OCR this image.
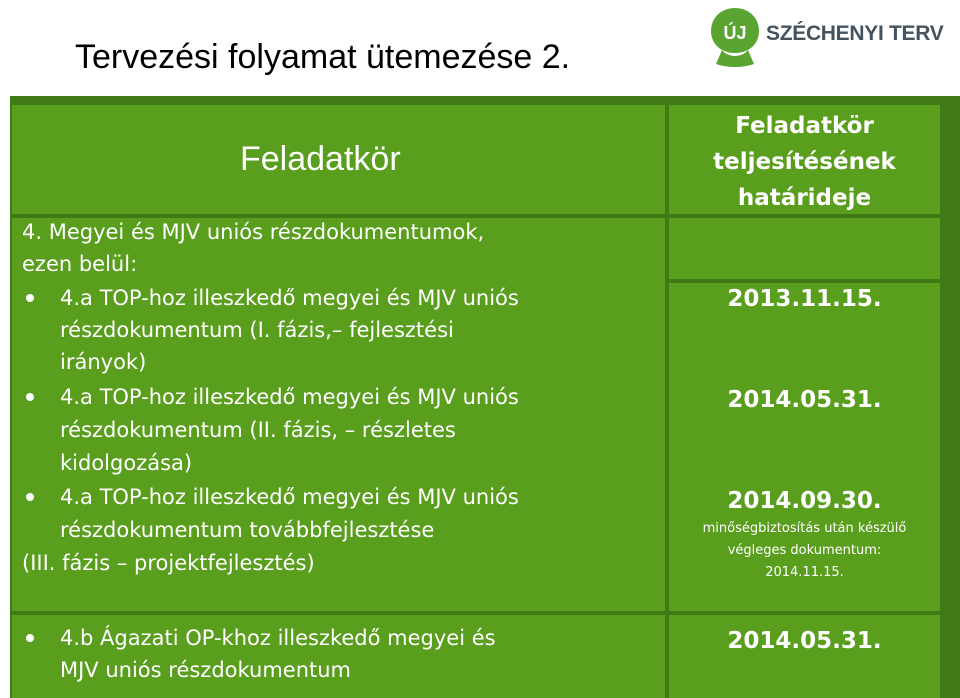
Tervezési folyamat ütemezése 2.
ÚJ SZÉCHENYI TERV
Feladatkör
Feladatkör
teljesítésének
határideje
4. Megyei és MJV uniós részdokumentumok,
ezen belül:
4.a TOP-hoz illeszkedő megyei és MJV uniós
részdokumentum (I. fázis,– fejlesztési
irányok)
2013.11.15.
4.a TOP-hoz illeszkedő megyei és MJV uniós
részdokumentum (II. fázis, – részletes
kidolgozása)
2014.05.31.
4.a TOP-hoz illeszkedő megyei és MJV uniós
részdokumentum továbbfejlesztése
(III. fázis – projektfejlesztés)
2014.09.30.
minőségbiztosítás után készülő
végleges dokumentum:
2014.11.15.
4.b Ágazati OP-khoz illeszkedő megyei és
MJV uniós részdokumentum
2014.05.31.
